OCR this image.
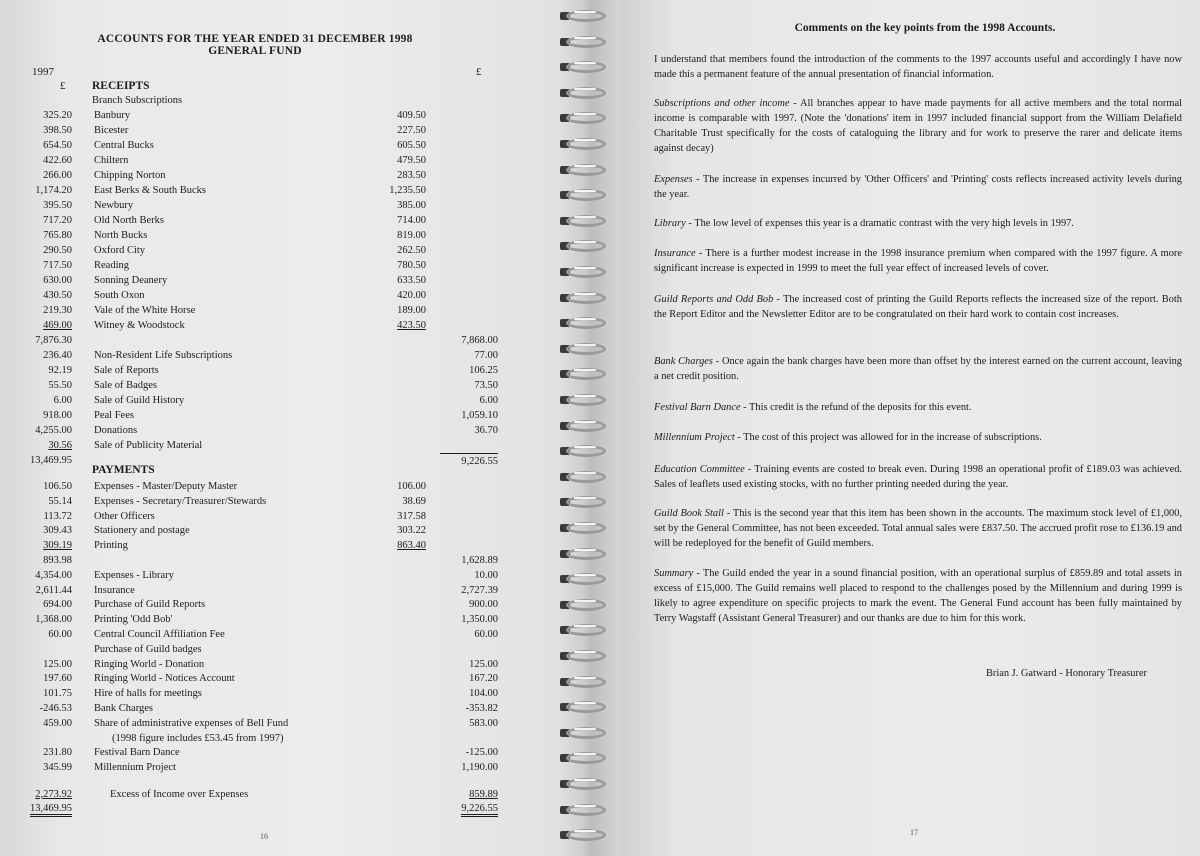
ACCOUNTS FOR THE YEAR ENDED 31 DECEMBER 1998
GENERAL FUND
1997
£
£
RECEIPTS
Branch Subscriptions
325.20 Banbury	409.50
398.50 Bicester	227.50
654.50 Central Bucks	605.50
422.60 Chiltern	479.50
266.00 Chipping Norton	283.50
1,174.20 East Berks & South Bucks	1,235.50
395.50 Newbury	385.00
717.20 Old North Berks	714.00
765.80 North Bucks	819.00
290.50 Oxford City	262.50
717.50 Reading	780.50
630.00 Sonning Deanery	633.50
430.50 South Oxon	420.00
219.30 Vale of the White Horse	189.00
469.00 Witney & Woodstock	423.50
7,876.30	7,868.00
236.40 Non-Resident Life Subscriptions	77.00
92.19 Sale of Reports	106.25
55.50 Sale of Badges	73.50
6.00 Sale of Guild History	6.00
918.00 Peal Fees	1,059.10
4,255.00 Donations	36.70
30.56 Sale of Publicity Material
13,469.95	9,226.55
PAYMENTS
106.50 Expenses - Master/Deputy Master	106.00
55.14 Expenses - Secretary/Treasurer/Stewards	38.69
113.72 Other Officers	317.58
309.43 Stationery and postage	303.22
309.19 Printing	863.40
893.98	1,628.89
4,354.00 Expenses - Library	10.00
2,611.44 Insurance	2,727.39
694.00 Purchase of Guild Reports	900.00
1,368.00 Printing 'Odd Bob'	1,350.00
60.00 Central Council Affiliation Fee	60.00
Purchase of Guild badges
125.00 Ringing World - Donation	125.00
197.60 Ringing World - Notices Account	167.20
101.75 Hire of halls for meetings	104.00
-246.53 Bank Charges	-353.82
459.00 Share of administrative expenses of Bell Fund	583.00
(1998 figure includes £53.45 from 1997)
231.80 Festival Barn Dance	-125.00
345.99 Millennium Project	1,190.00
2,273.92	Excess of Income over Expenses	859.89
13,469.95	9,226.55
16
Comments on the key points from the 1998 Accounts.
I understand that members found the introduction of the comments to the 1997 accounts useful and accordingly I have now made this a permanent feature of the annual presentation of financial information.
Subscriptions and other income - All branches appear to have made payments for all active members and the total normal income is comparable with 1997. (Note the 'donations' item in 1997 included financial support from the William Delafield Charitable Trust specifically for the costs of cataloguing the library and for work to preserve the rarer and delicate items against decay)
Expenses - The increase in expenses incurred by 'Other Officers' and 'Printing' costs reflects increased activity levels during the year.
Library - The low level of expenses this year is a dramatic contrast with the very high levels in 1997.
Insurance - There is a further modest increase in the 1998 insurance premium when compared with the 1997 figure. A more significant increase is expected in 1999 to meet the full year effect of increased levels of cover.
Guild Reports and Odd Bob - The increased cost of printing the Guild Reports reflects the increased size of the report. Both the Report Editor and the Newsletter Editor are to be congratulated on their hard work to contain cost increases.
Bank Charges - Once again the bank charges have been more than offset by the interest earned on the current account, leaving a net credit position.
Festival Barn Dance - This credit is the refund of the deposits for this event.
Millennium Project - The cost of this project was allowed for in the increase of subscriptions.
Education Committee - Training events are costed to break even. During 1998 an operational profit of £189.03 was achieved. Sales of leaflets used existing stocks, with no further printing needed during the year.
Guild Book Stall - This is the second year that this item has been shown in the accounts. The maximum stock level of £1,000, set by the General Committee, has not been exceeded. Total annual sales were £837.50. The accrued profit rose to £136.19 and will be redeployed for the benefit of Guild members.
Summary - The Guild ended the year in a sound financial position, with an operational surplus of £859.89 and total assets in excess of £15,000. The Guild remains well placed to respond to the challenges posed by the Millennium and during 1999 is likely to agree expenditure on specific projects to mark the event. The General Fund account has been fully maintained by Terry Wagstaff (Assistant General Treasurer) and our thanks are due to him for this work.
Brian J. Gatward - Honorary Treasurer
17
